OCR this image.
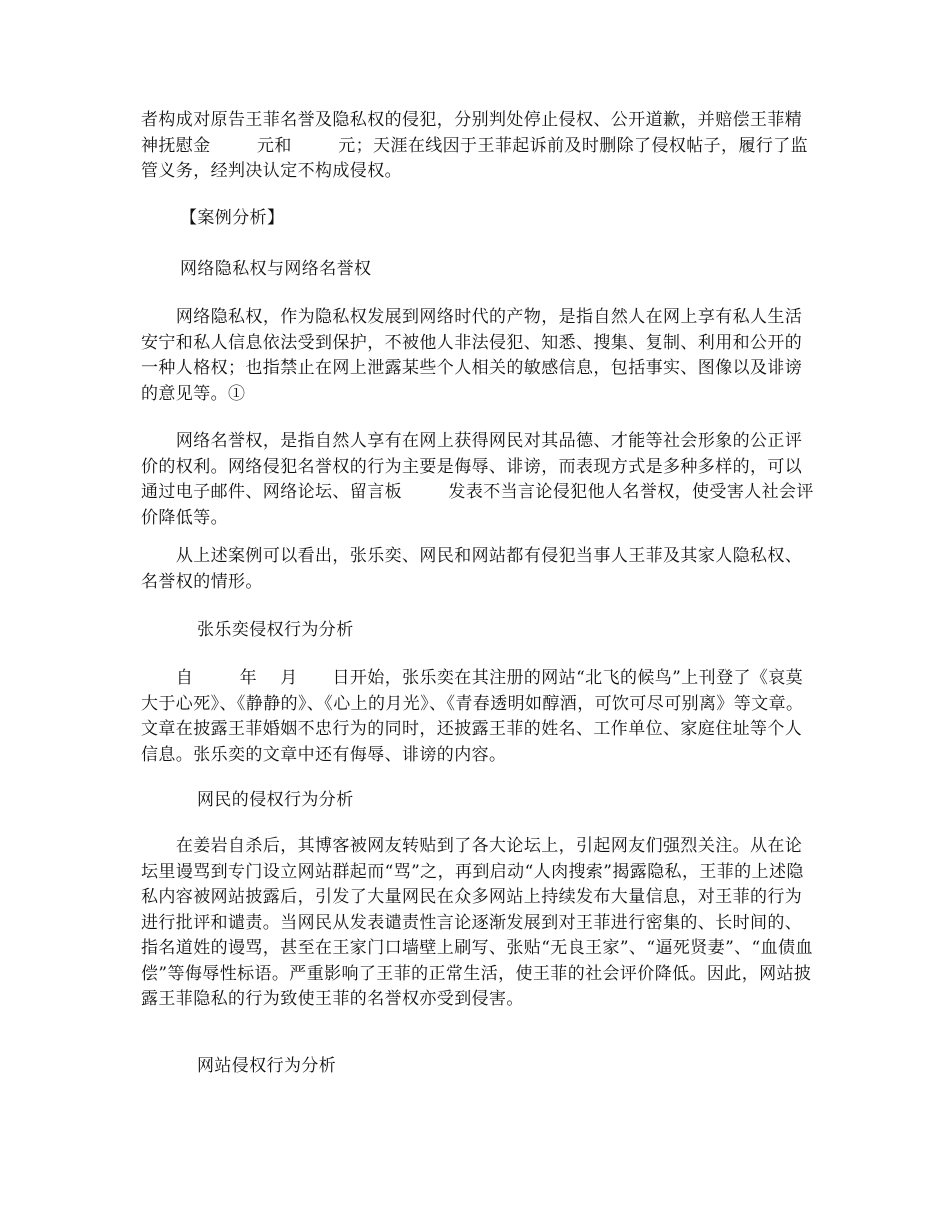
者构成对原告王菲名誉及隐私权的侵犯，分别判处停止侵权、公开道歉，并赔偿王菲精神抚慰金        元和        元；天涯在线因于王菲起诉前及时删除了侵权帖子，履行了监管义务，经判决认定不构成侵权。

【案例分析】

网络隐私权与网络名誉权

网络隐私权，作为隐私权发展到网络时代的产物，是指自然人在网上享有私人生活安宁和私人信息依法受到保护，不被他人非法侵犯、知悉、搜集、复制、利用和公开的一种人格权；也指禁止在网上泄露某些个人相关的敏感信息，包括事实、图像以及诽谤的意见等。①

网络名誉权，是指自然人享有在网上获得网民对其品德、才能等社会形象的公正评价的权利。网络侵犯名誉权的行为主要是侮辱、诽谤，而表现方式是多种多样的，可以通过电子邮件、网络论坛、留言板        发表不当言论侵犯他人名誉权，使受害人社会评价降低等。

从上述案例可以看出，张乐奕、网民和网站都有侵犯当事人王菲及其家人隐私权、名誉权的情形。

张乐奕侵权行为分析

自        年    月      日开始，张乐奕在其注册的网站“北飞的候鸟”上刊登了《哀莫大于心死》、《静静的》、《心上的月光》、《青春透明如醇酒，可饮可尽可别离》等文章。文章在披露王菲婚姻不忠行为的同时，还披露王菲的姓名、工作单位、家庭住址等个人信息。张乐奕的文章中还有侮辱、诽谤的内容。

网民的侵权行为分析

在姜岩自杀后，其博客被网友转贴到了各大论坛上，引起网友们强烈关注。从在论坛里谩骂到专门设立网站群起而“骂”之，再到启动“人肉搜索”揭露隐私，王菲的上述隐私内容被网站披露后，引发了大量网民在众多网站上持续发布大量信息，对王菲的行为进行批评和谴责。当网民从发表谴责性言论逐渐发展到对王菲进行密集的、长时间的、指名道姓的谩骂，甚至在王家门口墙壁上刷写、张贴“无良王家”、“逼死贤妻”、“血债血偿”等侮辱性标语。严重影响了王菲的正常生活，使王菲的社会评价降低。因此，网站披露王菲隐私的行为致使王菲的名誉权亦受到侵害。

网站侵权行为分析
